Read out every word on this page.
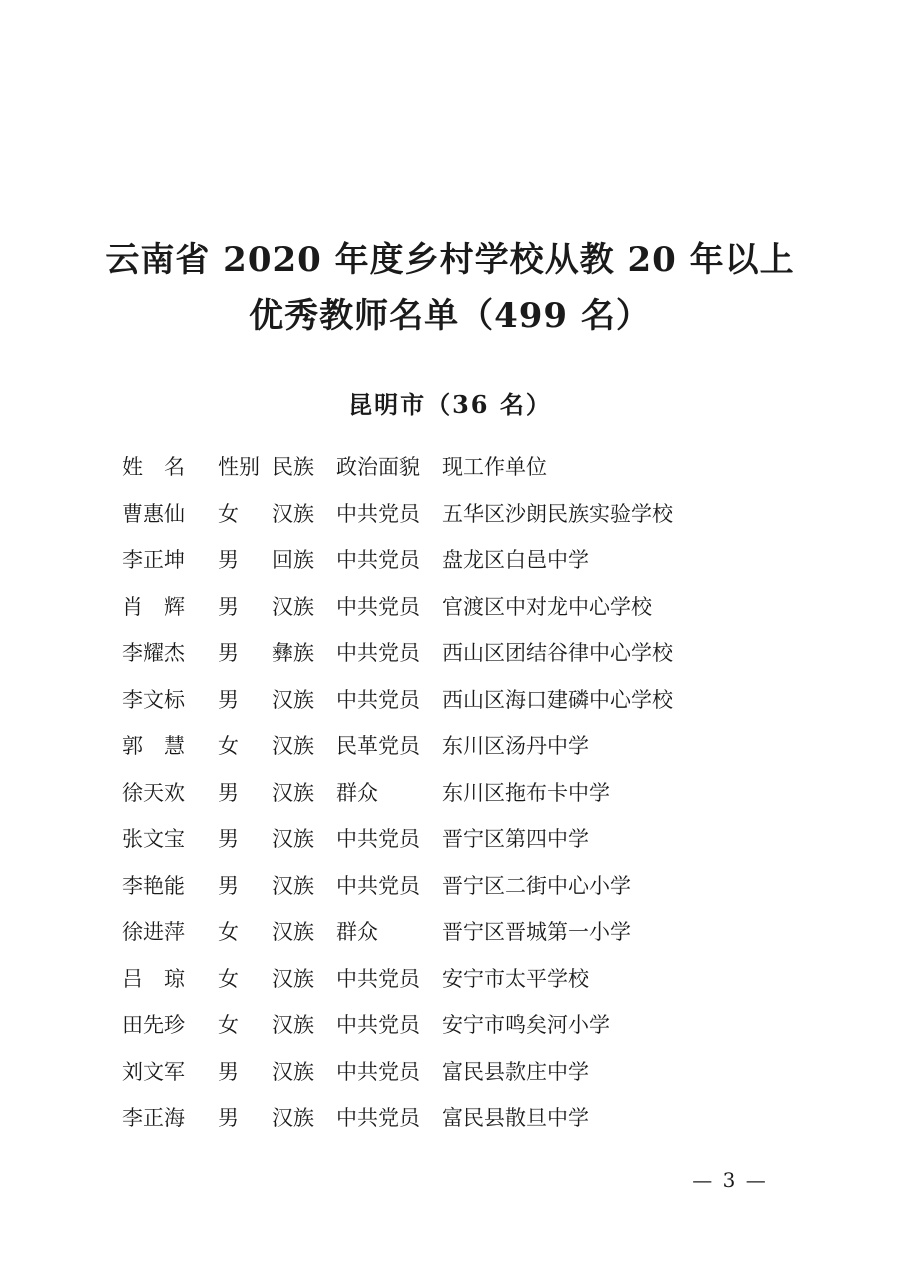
云南省 2020 年度乡村学校从教 20 年以上
优秀教师名单（499 名）
昆明市（36 名）
姓　名	性别 民族	政治面貌	现工作单位
曹惠仙	女	汉族	中共党员	五华区沙朗民族实验学校
李正坤	男	回族	中共党员	盘龙区白邑中学
肖　辉	男	汉族	中共党员	官渡区中对龙中心学校
李耀杰	男	彝族	中共党员	西山区团结谷律中心学校
李文标	男	汉族	中共党员	西山区海口建磷中心学校
郭　慧	女	汉族	民革党员	东川区汤丹中学
徐天欢	男	汉族	群众	东川区拖布卡中学
张文宝	男	汉族	中共党员	晋宁区第四中学
李艳能	男	汉族	中共党员	晋宁区二街中心小学
徐进萍	女	汉族	群众	晋宁区晋城第一小学
吕　琼	女	汉族	中共党员	安宁市太平学校
田先珍	女	汉族	中共党员	安宁市鸣矣河小学
刘文军	男	汉族	中共党员	富民县款庄中学
李正海	男	汉族	中共党员	富民县散旦中学
— 3 —
